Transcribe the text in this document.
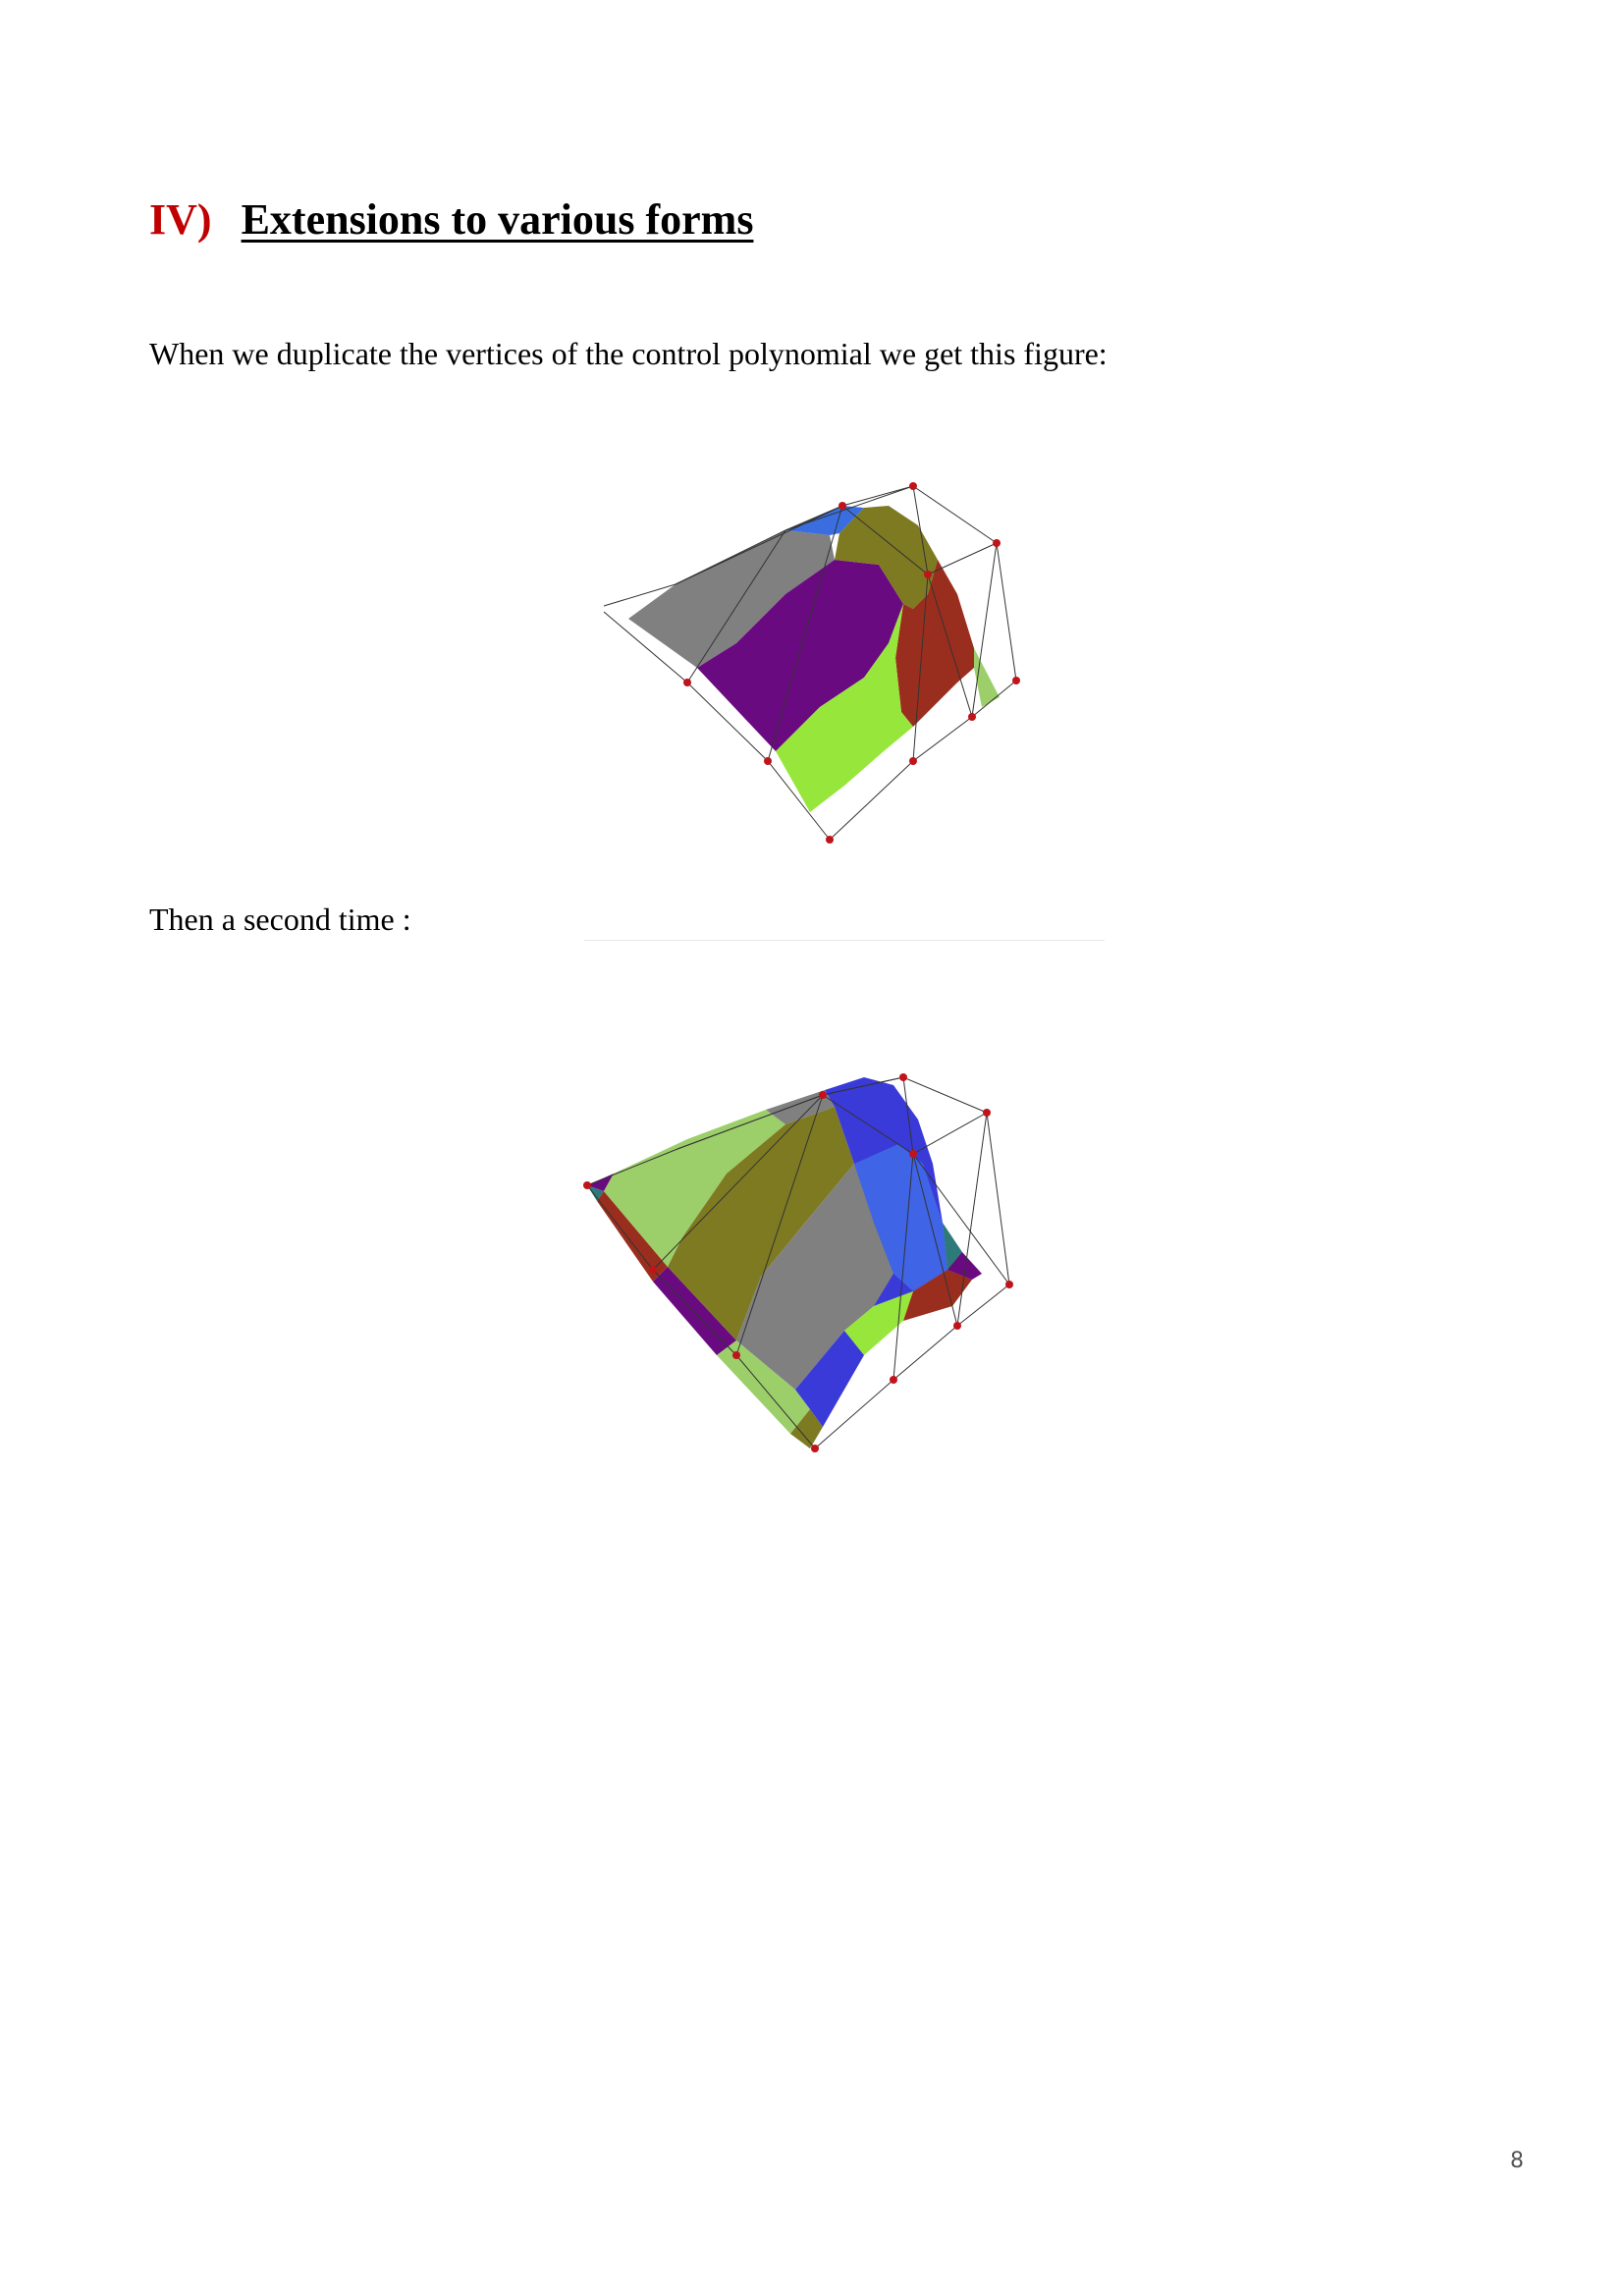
IV) Extensions to various forms
When we duplicate the vertices of the control polynomial we get this figure:
Then a second time :
8
